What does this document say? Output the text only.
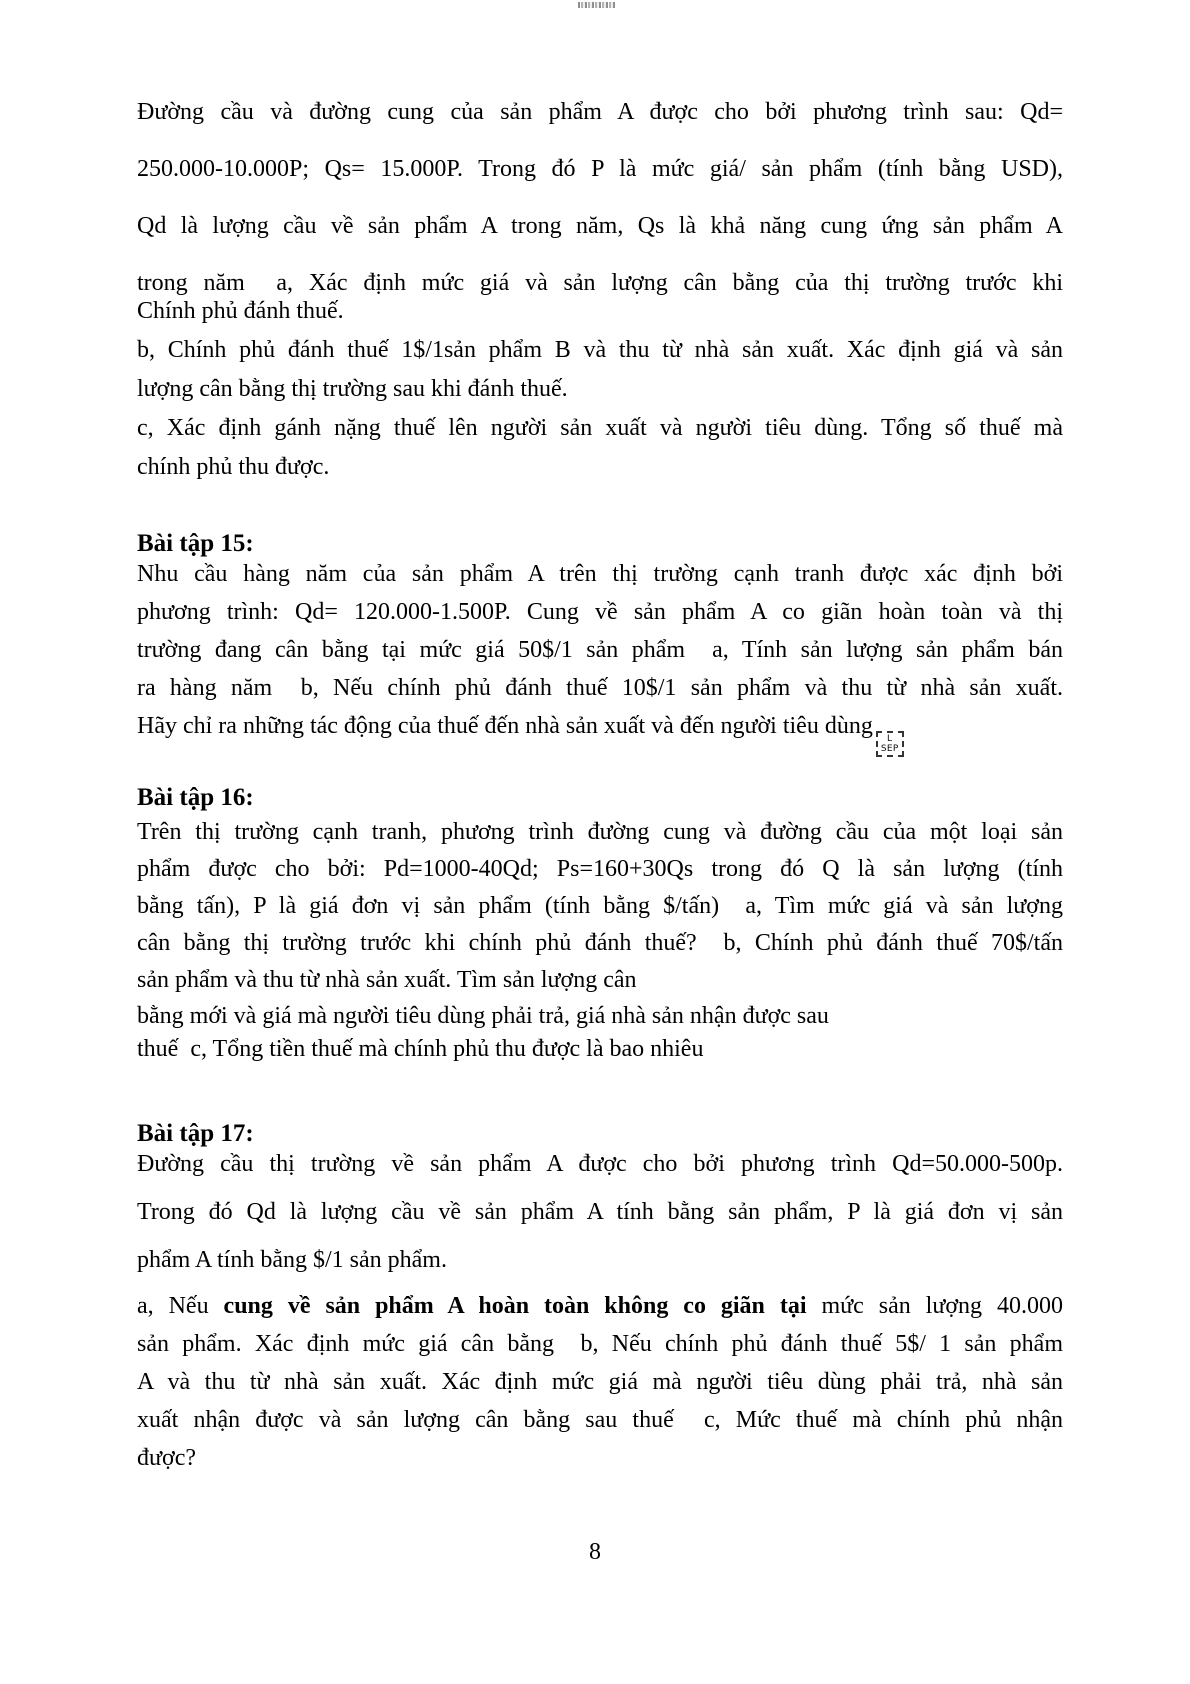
Đường cầu và đường cung của sản phẩm A được cho bởi phương trình sau: Qd=
250.000-10.000P; Qs= 15.000P. Trong đó P là mức giá/ sản phẩm (tính bằng USD),
Qd là lượng cầu về sản phẩm A trong năm, Qs là khả năng cung ứng sản phẩm A
trong năm  a, Xác định mức giá và sản lượng cân bằng của thị trường trước khi
Chính phủ đánh thuế.
b, Chính phủ đánh thuế 1$/1sản phẩm B và thu từ nhà sản xuất. Xác định giá và sản
lượng cân bằng thị trường sau khi đánh thuế.
c, Xác định gánh nặng thuế lên người sản xuất và người tiêu dùng. Tổng số thuế mà
chính phủ thu được.
Bài tập 15:
Nhu cầu hàng năm của sản phẩm A trên thị trường cạnh tranh được xác định bởi
phương trình: Qd= 120.000-1.500P. Cung về sản phẩm A co giãn hoàn toàn và thị
trường đang cân bằng tại mức giá 50$/1 sản phẩm  a, Tính sản lượng sản phẩm bán
ra hàng năm  b, Nếu chính phủ đánh thuế 10$/1 sản phẩm và thu từ nhà sản xuất.
Hãy chỉ ra những tác động của thuế đến nhà sản xuất và đến người tiêu dùng L
SEP
Bài tập 16:
Trên thị trường cạnh tranh, phương trình đường cung và đường cầu của một loại sản
phẩm được cho bởi: Pd=1000-40Qd; Ps=160+30Qs trong đó Q là sản lượng (tính
bằng tấn), P là giá đơn vị sản phẩm (tính bằng $/tấn)  a, Tìm mức giá và sản lượng
cân bằng thị trường trước khi chính phủ đánh thuế?  b, Chính phủ đánh thuế 70$/tấn
sản phẩm và thu từ nhà sản xuất. Tìm sản lượng cân
bằng mới và giá mà người tiêu dùng phải trả, giá nhà sản nhận được sau
thuế  c, Tổng tiền thuế mà chính phủ thu được là bao nhiêu
Bài tập 17:
Đường cầu thị trường về sản phẩm A được cho bởi phương trình Qd=50.000-500p.
Trong đó Qd là lượng cầu về sản phẩm A tính bằng sản phẩm, P là giá đơn vị sản
phẩm A tính bằng $/1 sản phẩm.
a, Nếu cung về sản phẩm A hoàn toàn không co giãn tại mức sản lượng 40.000
sản phẩm. Xác định mức giá cân bằng  b, Nếu chính phủ đánh thuế 5$/ 1 sản phẩm
A và thu từ nhà sản xuất. Xác định mức giá mà người tiêu dùng phải trả, nhà sản
xuất nhận được và sản lượng cân bằng sau thuế  c, Mức thuế mà chính phủ nhận
được?
8
